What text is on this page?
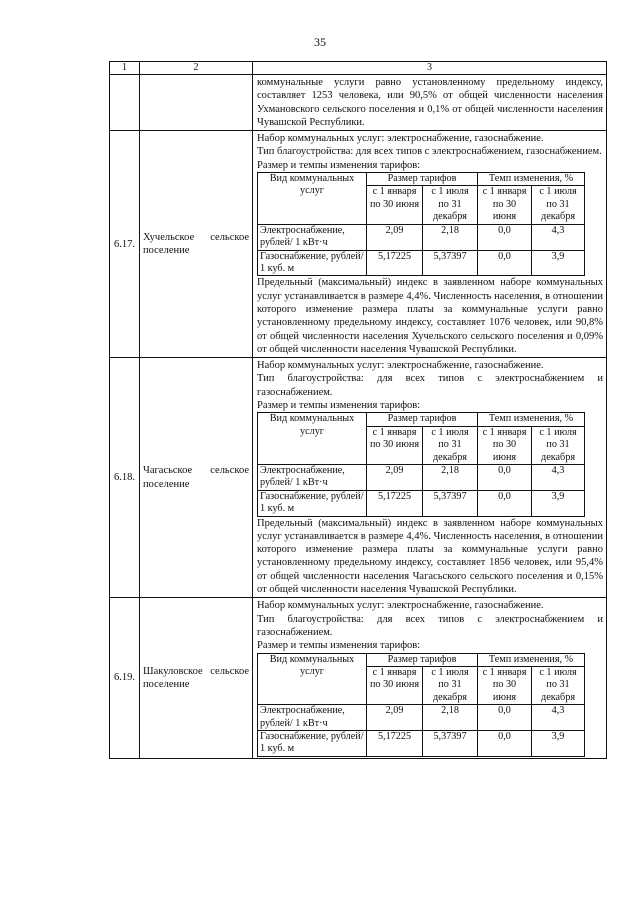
35
1	2	3
		коммунальные услуги равно установленному предельному индексу, составляет 1253 человека, или 90,5% от общей численности населения Ухмановского сельского поселения и 0,1% от общей численности населения Чувашской Республики.
6.17.	Хучельское сельское поселение	
Набор коммунальных услуг: электроснабжение, газоснабжение.
Тип благоустройства: для всех типов с электроснабжением, газоснабжением.
Размер и темпы изменения тарифов:
Вид коммунальных услуг	Размер тарифов	Темп изменения, %
с 1 января по 30 июня	с 1 июля по 31 декабря	с 1 января по 30 июня	с 1 июля по 31 декабря
Электроснабжение, рублей/ 1 кВт·ч	2,09	2,18	0,0	4,3
Газоснабжение, рублей/ 1 куб. м	5,17225	5,37397	0,0	3,9
Предельный (максимальный) индекс в заявленном наборе коммунальных услуг устанавливается в размере 4,4%. Численность населения, в отношении которого изменение размера платы за коммунальные услуги равно установленному предельному индексу, составляет 1076 человек, или 90,8% от общей численности населения Хучельского сельского поселения и 0,09% от общей численности населения Чувашской Республики.

6.18.	Чагасьское сельское поселение	
Набор коммунальных услуг: электроснабжение, газоснабжение.
Тип благоустройства: для всех типов с электроснабжением и газоснабжением.
Размер и темпы изменения тарифов:
Вид коммунальных услуг	Размер тарифов	Темп изменения, %
с 1 января по 30 июня	с 1 июля по 31 декабря	с 1 января по 30 июня	с 1 июля по 31 декабря
Электроснабжение, рублей/ 1 кВт·ч	2,09	2,18	0,0	4,3
Газоснабжение, рублей/ 1 куб. м	5,17225	5,37397	0,0	3,9
Предельный (максимальный) индекс в заявленном наборе коммунальных услуг устанавливается в размере 4,4%. Численность населения, в отношении которого изменение размера платы за коммунальные услуги равно установленному предельному индексу, составляет 1856 человек, или 95,4% от общей численности населения Чагасьского сельского поселения и 0,15% от общей численности населения Чувашской Республики.

6.19.	Шакуловское сельское поселение	
Набор коммунальных услуг: электроснабжение, газоснабжение.
Тип благоустройства: для всех типов с электроснабжением и газоснабжением.
Размер и темпы изменения тарифов:
Вид коммунальных услуг	Размер тарифов	Темп изменения, %
с 1 января по 30 июня	с 1 июля по 31 декабря	с 1 января по 30 июня	с 1 июля по 31 декабря
Электроснабжение, рублей/ 1 кВт·ч	2,09	2,18	0,0	4,3
Газоснабжение, рублей/ 1 куб. м	5,17225	5,37397	0,0	3,9
